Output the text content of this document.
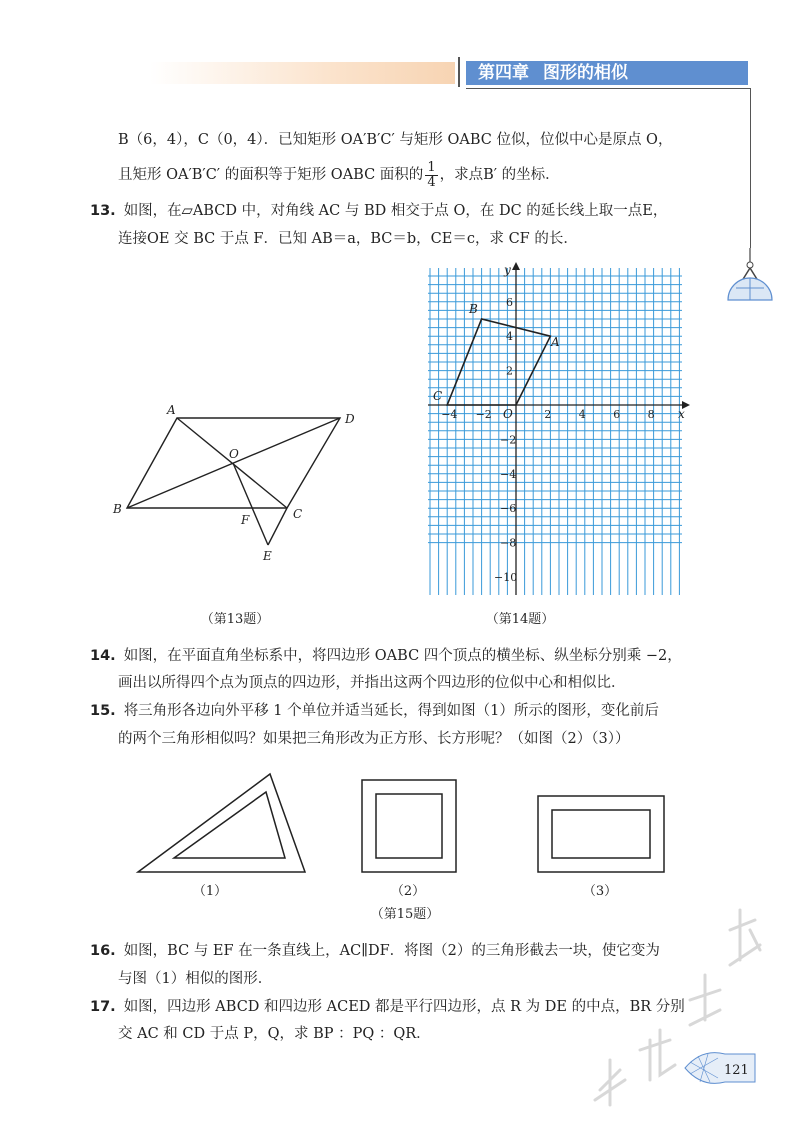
第四章 图形的相似
B（6，4），C（0，4）．已知矩形 OA′B′C′ 与矩形 OABC 位似，位似中心是原点 O，
且矩形 OA′B′C′ 的面积等于矩形 OABC 面积的 $\frac{1}{4}$ ，求点B′ 的坐标．
13. 如图，在▱ABCD 中，对角线 AC 与 BD 相交于点 O，在 DC 的延长线上取一点E，
连接OE 交 BC 于点 F．已知 AB＝a，BC＝b，CE＝c，求 CF 的长．
A
D
B	C
O
F
E
−4 −2	2 4 6 8
6
4
2
−2
−4
−6
−8
−10
x
y
O
A
B
C
（第13题）	（第14题）
14. 如图，在平面直角坐标系中，将四边形 OABC 四个顶点的横坐标、纵坐标分别乘 −2，
画出以所得四个点为顶点的四边形，并指出这两个四边形的位似中心和相似比．
15. 将三角形各边向外平移 1 个单位并适当延长，得到如图（1）所示的图形，变化前后
的两个三角形相似吗？如果把三角形改为正方形、长方形呢？（如图（2）（3））
（1）	（2）	（3）
（第15题）
16. 如图，BC 与 EF 在一条直线上，AC∥DF．将图（2）的三角形截去一块，使它变为
与图（1）相似的图形．
17. 如图，四边形 ABCD 和四边形 ACED 都是平行四边形，点 R 为 DE 的中点，BR 分别
交 AC 和 CD 于点 P，Q，求 BP ：PQ ：QR．
121
